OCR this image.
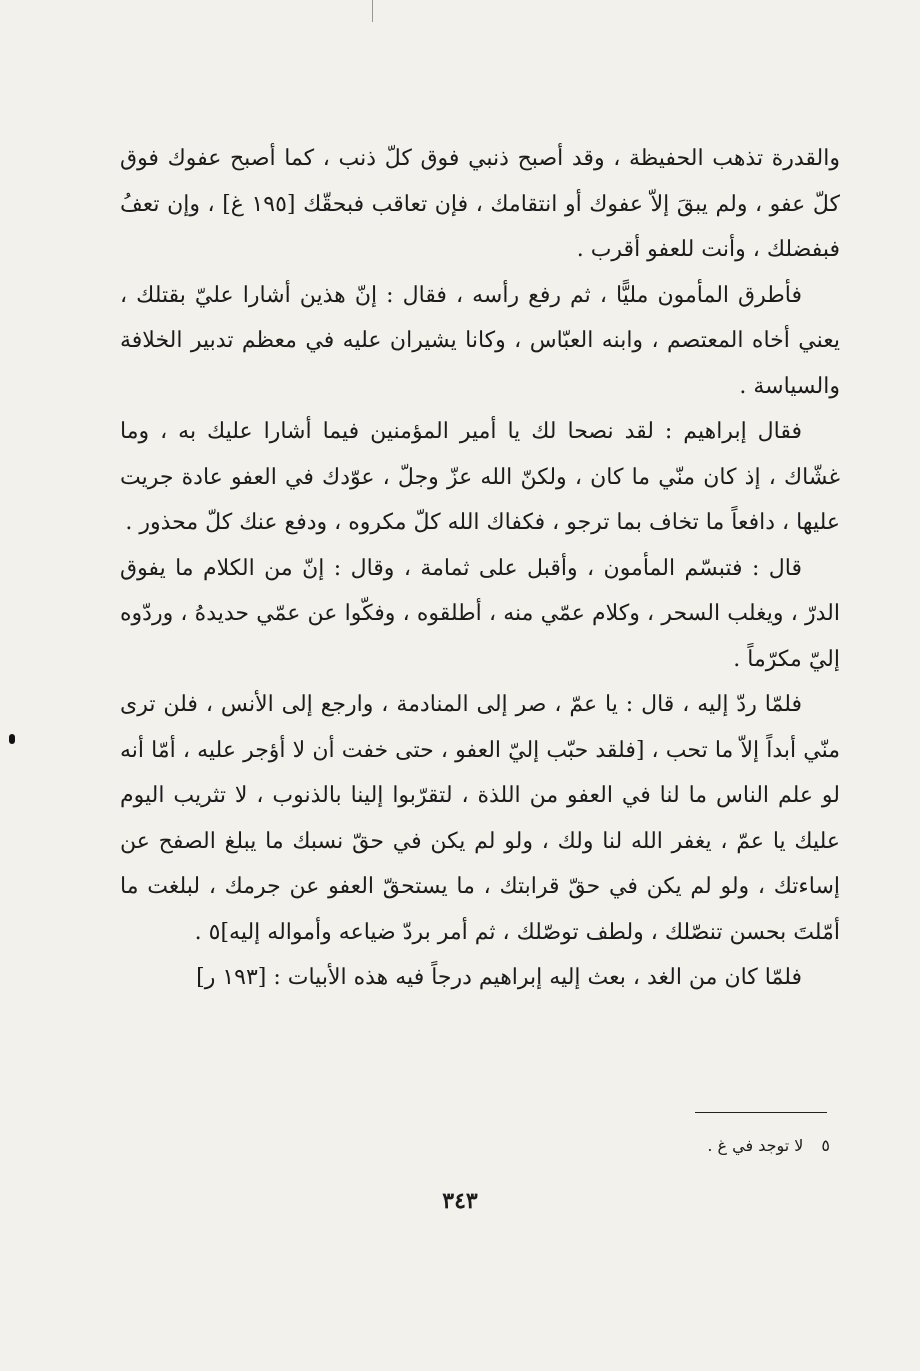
والقدرة تذهب الحفيظة ، وقد أصبح ذنبي فوق كلّ ذنب ، كما أصبح عفوك فوق كلّ عفو ، ولم يبقَ إلاّ عفوك أو انتقامك ، فإن تعاقب فبحقّك [١٩٥ غ] ، وإن تعفُ فبفضلك ، وأنت للعفو أقرب .

فأطرق المأمون مليًّا ، ثم رفع رأسه ، فقال : إنّ هذين أشارا عليّ بقتلك ، يعني أخاه المعتصم ، وابنه العبّاس ، وكانا يشيران عليه في معظم تدبير الخلافة والسياسة .

فقال إبراهيم : لقد نصحا لك يا أمير المؤمنين فيما أشارا عليك به ، وما غشّاك ، إذ كان منّي ما كان ، ولكنّ الله عزّ وجلّ ، عوّدك في العفو عادة جريت عليها ، دافعاً ما تخاف بما ترجو ، فكفاك الله كلّ مكروه ، ودفع عنك كلّ محذور .

قال : فتبسّم المأمون ، وأقبل على ثمامة ، وقال : إنّ من الكلام ما يفوق الدرّ ، ويغلب السحر ، وكلام عمّي منه ، أطلقوه ، وفكّوا عن عمّي حديدهُ ، وردّوه إليّ مكرّماً .

فلمّا ردّ إليه ، قال : يا عمّ ، صر إلى المنادمة ، وارجع إلى الأنس ، فلن ترى منّي أبداً إلاّ ما تحب ، [فلقد حبّب إليّ العفو ، حتى خفت أن لا أؤجر عليه ، أمّا أنه لو علم الناس ما لنا في العفو من اللذة ، لتقرّبوا إلينا بالذنوب ، لا تثريب اليوم عليك يا عمّ ، يغفر الله لنا ولك ، ولو لم يكن في حقّ نسبك ما يبلغ الصفح عن إساءتك ، ولو لم يكن في حقّ قرابتك ، ما يستحقّ العفو عن جرمك ، لبلغت ما أمّلتَ بحسن تنصّلك ، ولطف توصّلك ، ثم أمر بردّ ضياعه وأمواله إليه]٥ .

فلمّا كان من الغد ، بعث إليه إبراهيم درجاً فيه هذه الأبيات : [١٩٣ ر]

٥لا توجد في غ .
٣٤٣
